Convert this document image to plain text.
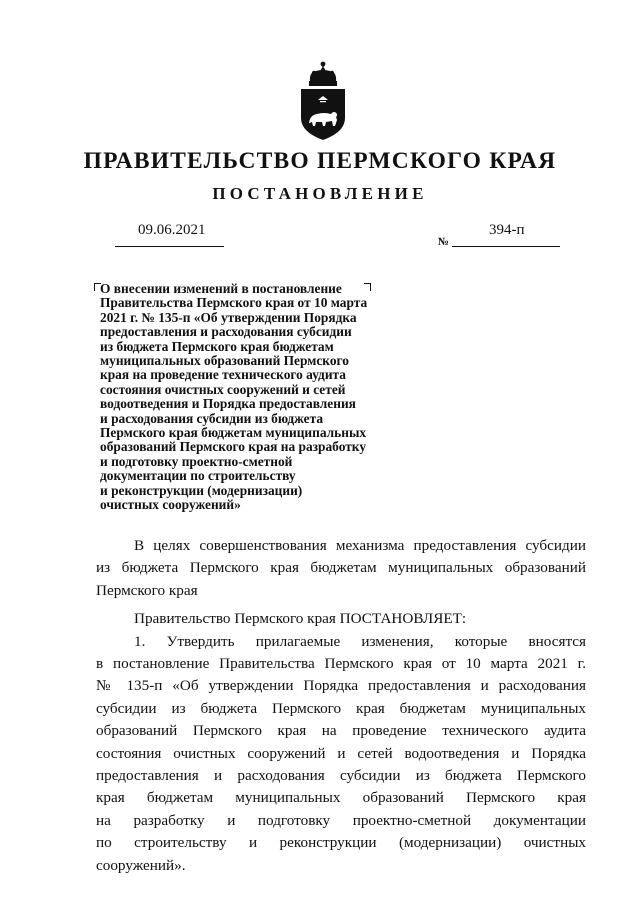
ПРАВИТЕЛЬСТВО ПЕРМСКОГО КРАЯ
ПОСТАНОВЛЕНИЕ
09.06.2021
№
394-п
О внесении изменений в постановление
Правительства Пермского края от 10 марта
2021 г. № 135-п «Об утверждении Порядка
предоставления и расходования субсидии
из бюджета Пермского края бюджетам
муниципальных образований Пермского
края на проведение технического аудита
состояния очистных сооружений и сетей
водоотведения и Порядка предоставления
и расходования субсидии из бюджета
Пермского края бюджетам муниципальных
образований Пермского края на разработку
и подготовку проектно-сметной
документации по строительству
и реконструкции (модернизации)
очистных сооружений»

В целях совершенствования механизма предоставления субсидии
из бюджета Пермского края бюджетам муниципальных образований
Пермского края

Правительство Пермского края ПОСТАНОВЛЯЕТ:

1. Утвердить прилагаемые изменения, которые вносятся
в постановление Правительства Пермского края от 10 марта 2021 г.
№ 135-п «Об утверждении Порядка предоставления и расходования
субсидии из бюджета Пермского края бюджетам муниципальных
образований Пермского края на проведение технического аудита
состояния очистных сооружений и сетей водоотведения и Порядка
предоставления и расходования субсидии из бюджета Пермского
края бюджетам муниципальных образований Пермского края
на разработку и подготовку проектно-сметной документации
по строительству и реконструкции (модернизации) очистных
сооружений».
